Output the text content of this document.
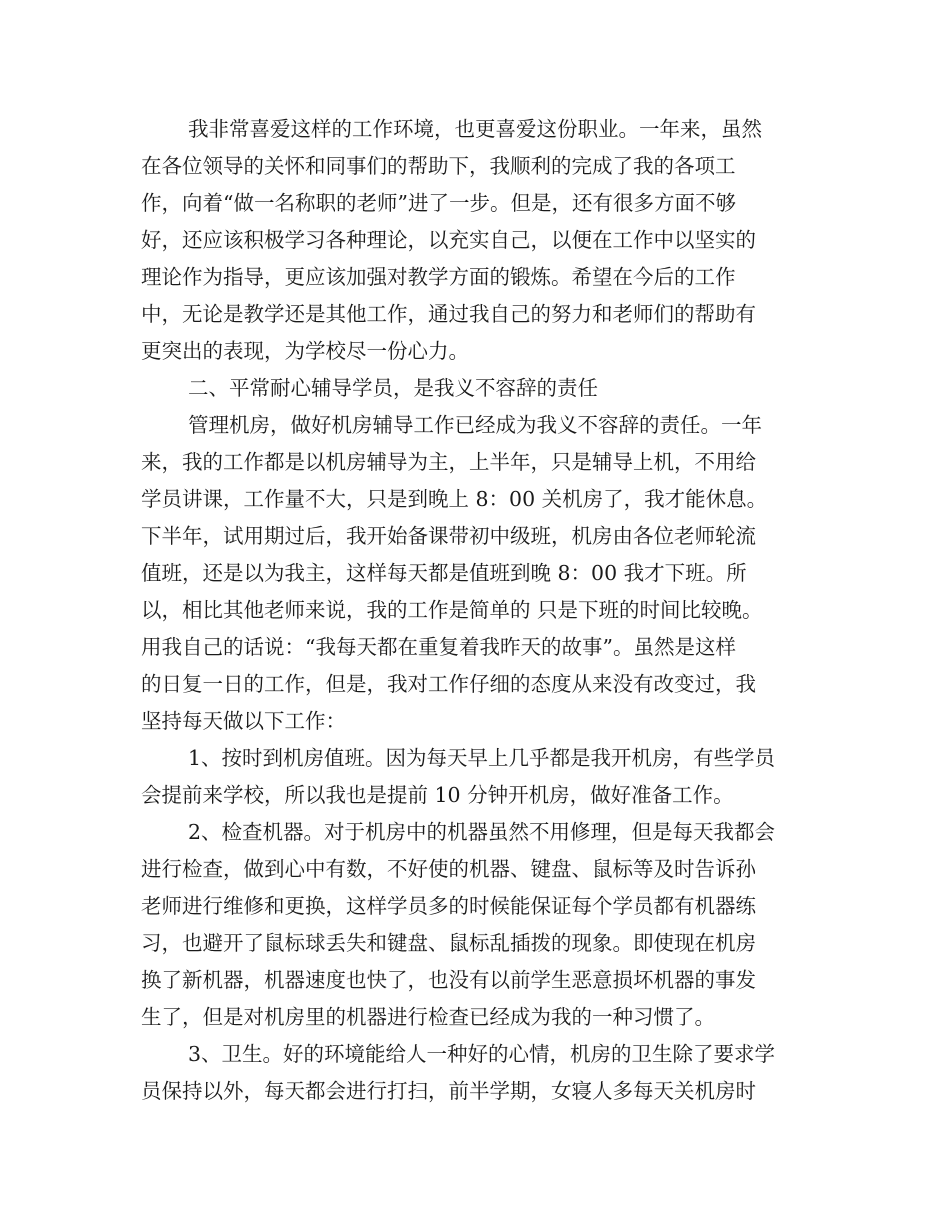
我非常喜爱这样的工作环境，也更喜爱这份职业。一年来，虽然

在各位领导的关怀和同事们的帮助下，我顺利的完成了我的各项工

作，向着“做一名称职的老师”进了一步。但是，还有很多方面不够

好，还应该积极学习各种理论，以充实自己，以便在工作中以坚实的

理论作为指导，更应该加强对教学方面的锻炼。希望在今后的工作

中，无论是教学还是其他工作，通过我自己的努力和老师们的帮助有

更突出的表现，为学校尽一份心力。

二、平常耐心辅导学员，是我义不容辞的责任

管理机房，做好机房辅导工作已经成为我义不容辞的责任。一年

来，我的工作都是以机房辅导为主，上半年，只是辅导上机，不用给

学员讲课，工作量不大，只是到晚上 8：00 关机房了，我才能休息。

下半年，试用期过后，我开始备课带初中级班，机房由各位老师轮流

值班，还是以为我主，这样每天都是值班到晚 8：00 我才下班。所

以，相比其他老师来说，我的工作是简单的 只是下班的时间比较晚。

用我自己的话说：“我每天都在重复着我昨天的故事”。虽然是这样

的日复一日的工作，但是，我对工作仔细的态度从来没有改变过，我

坚持每天做以下工作：

1、按时到机房值班。因为每天早上几乎都是我开机房，有些学员

会提前来学校，所以我也是提前 10 分钟开机房，做好准备工作。

2、检查机器。对于机房中的机器虽然不用修理，但是每天我都会

进行检查，做到心中有数，不好使的机器、键盘、鼠标等及时告诉孙

老师进行维修和更换，这样学员多的时候能保证每个学员都有机器练

习，也避开了鼠标球丢失和键盘、鼠标乱插拨的现象。即使现在机房

换了新机器，机器速度也快了，也没有以前学生恶意损坏机器的事发

生了，但是对机房里的机器进行检查已经成为我的一种习惯了。

3、卫生。好的环境能给人一种好的心情，机房的卫生除了要求学

员保持以外，每天都会进行打扫，前半学期，女寝人多每天关机房时
